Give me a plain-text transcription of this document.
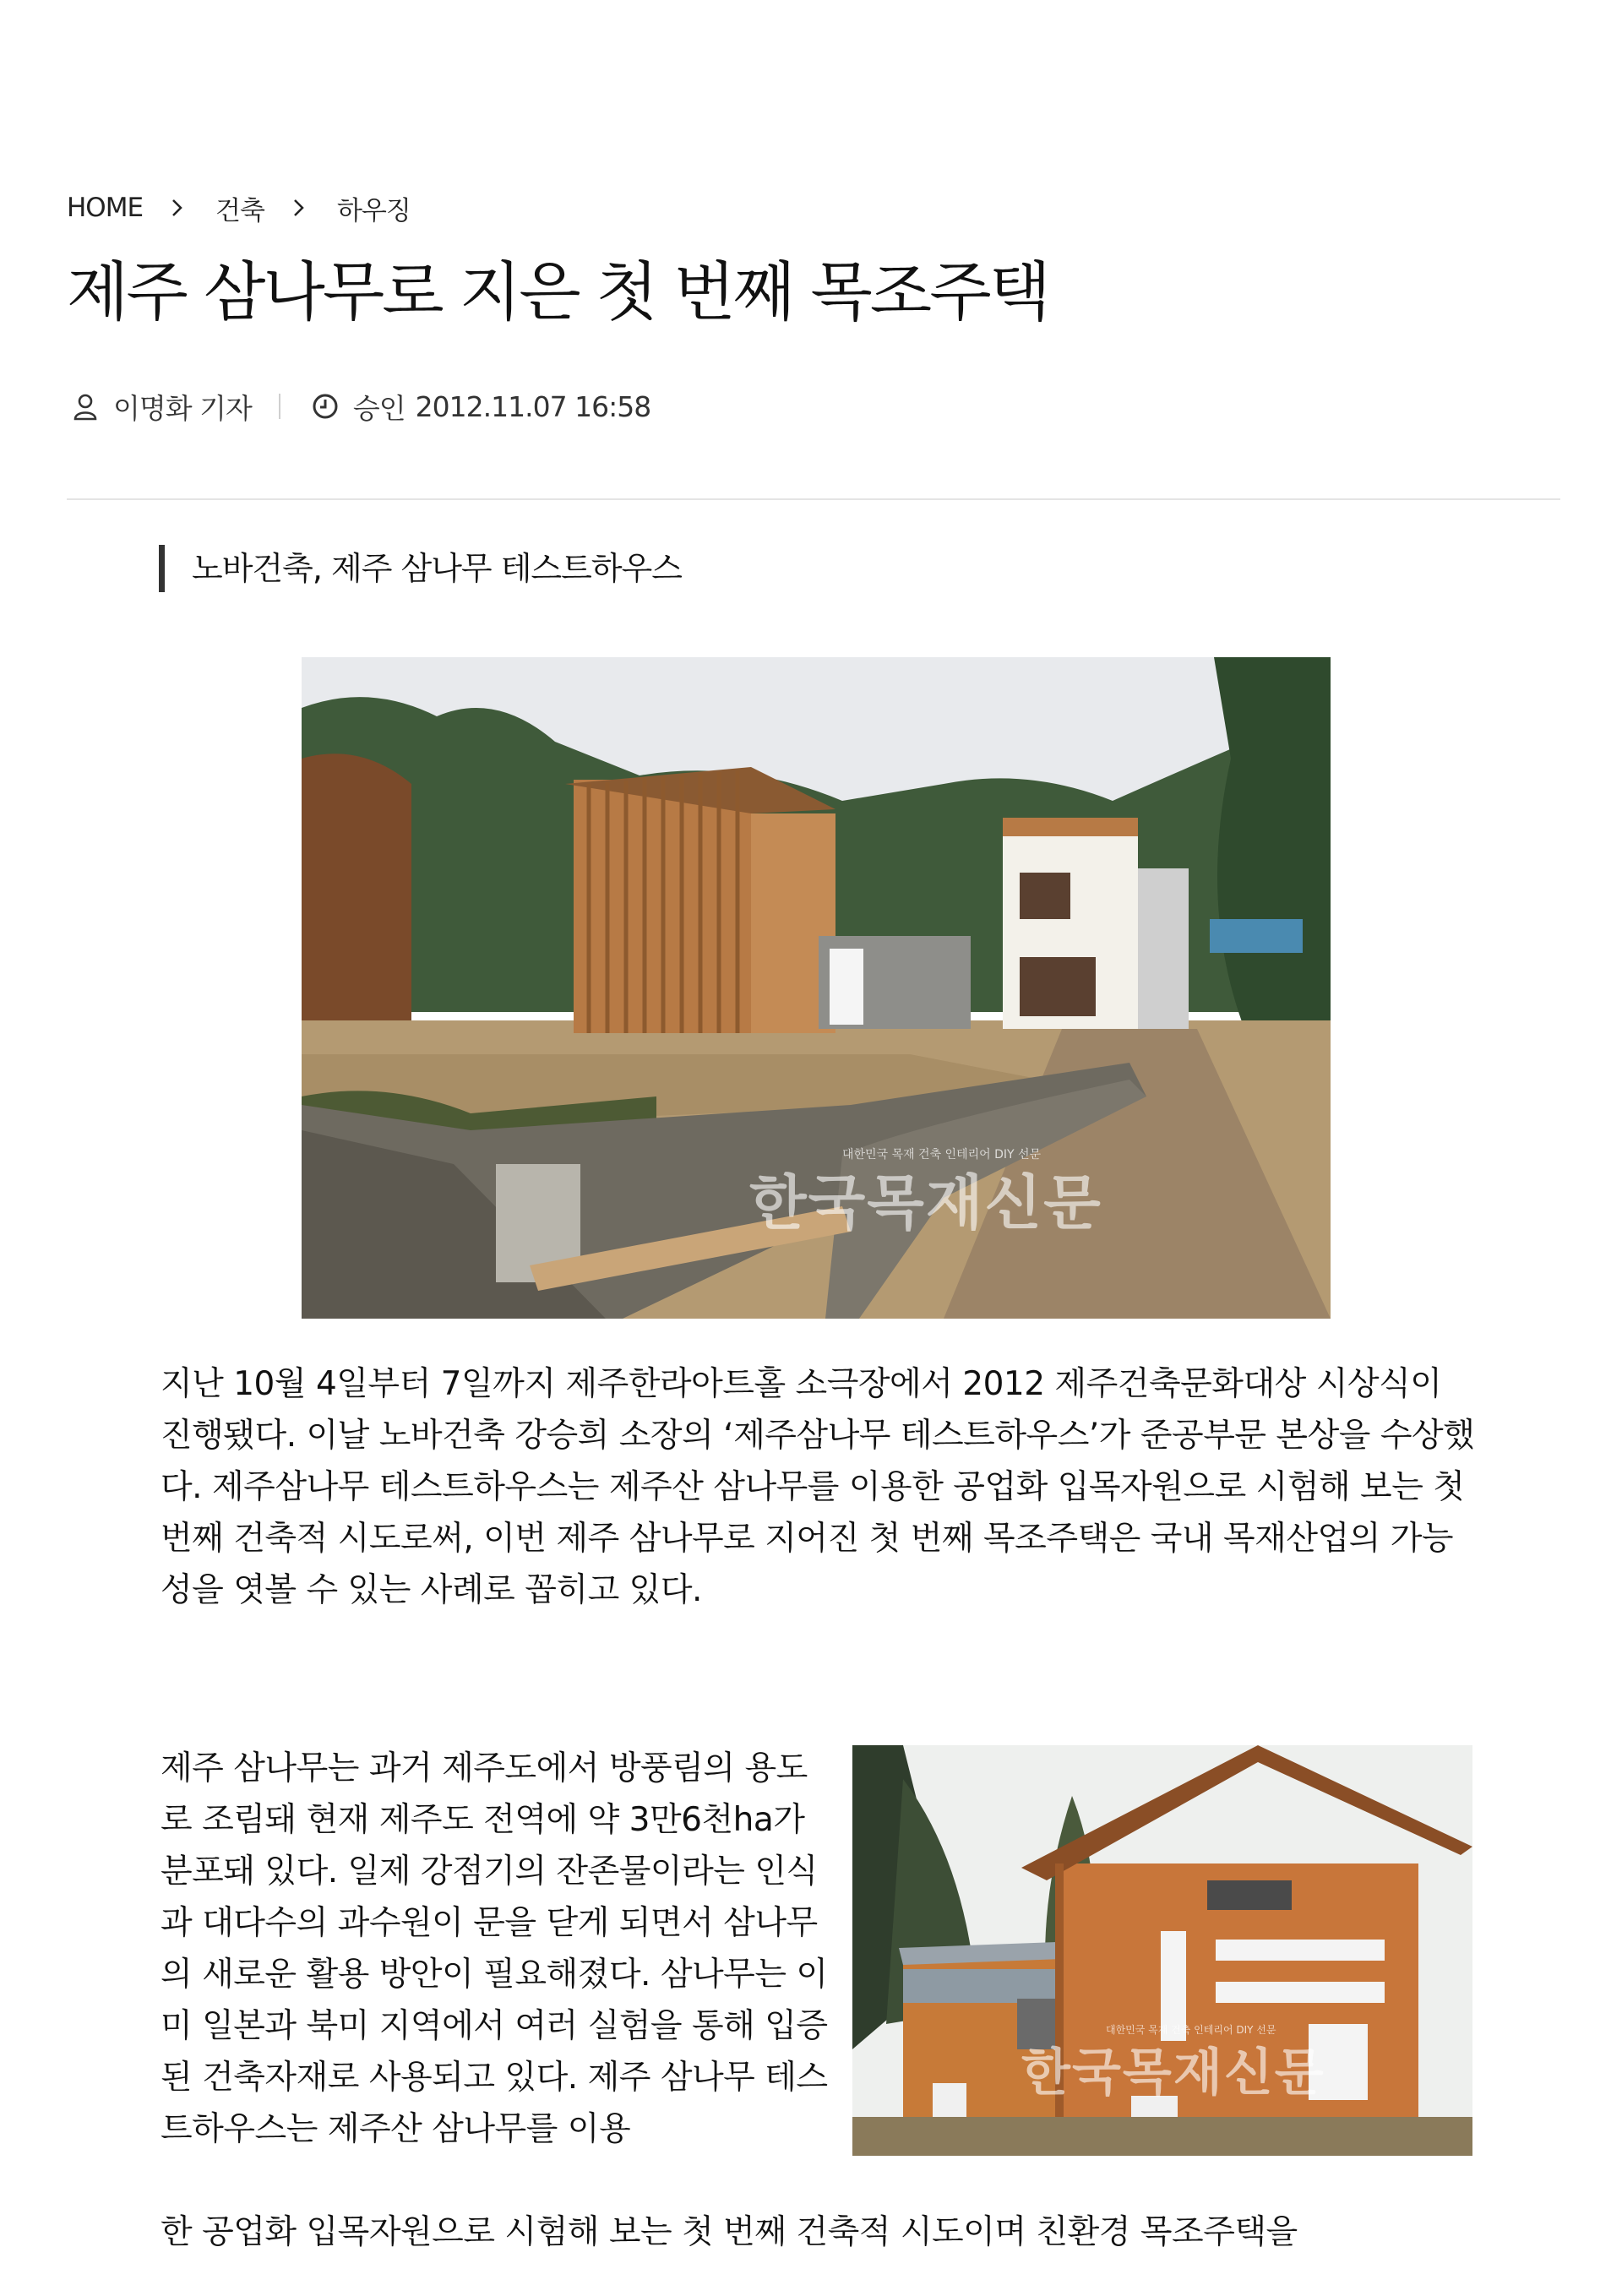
HOME	건축	하우징
제주 삼나무로 지은 첫 번째 목조주택
이명화 기자	승인 2012.11.07 16:58
노바건축, 제주 삼나무 테스트하우스
한국목재신문
대한민국 목재 건축 인테리어 DIY 선문

지난 10월 4일부터 7일까지 제주한라아트홀 소극장에서 2012 제주건축문화대상 시상식이 진행됐다. 이날 노바건축 강승희 소장의 ‘제주삼나무 테스트하우스’가 준공부문 본상을 수상했다. 제주삼나무 테스트하우스는 제주산 삼나무를 이용한 공업화 입목자원으로 시험해 보는 첫 번째 건축적 시도로써, 이번 제주 삼나무로 지어진 첫 번째 목조주택은 국내 목재산업의 가능성을 엿볼 수 있는 사례로 꼽히고 있다.

제주 삼나무는 과거 제주도에서 방풍림의 용도로 조림돼 현재 제주도 전역에 약 3만6천ha가 분포돼 있다. 일제 강점기의 잔존물이라는 인식과 대다수의 과수원이 문을 닫게 되면서 삼나무의 새로운 활용 방안이 필요해졌다. 삼나무는 이미 일본과 북미 지역에서 여러 실험을 통해 입증된 건축자재로 사용되고 있다. 제주 삼나무 테스트하우스는 제주산 삼나무를 이용

한국목재신문
대한민국 목재 건축 인테리어 DIY 선문

한 공업화 입목자원으로 시험해 보는 첫 번째 건축적 시도이며 친환경 목조주택을
